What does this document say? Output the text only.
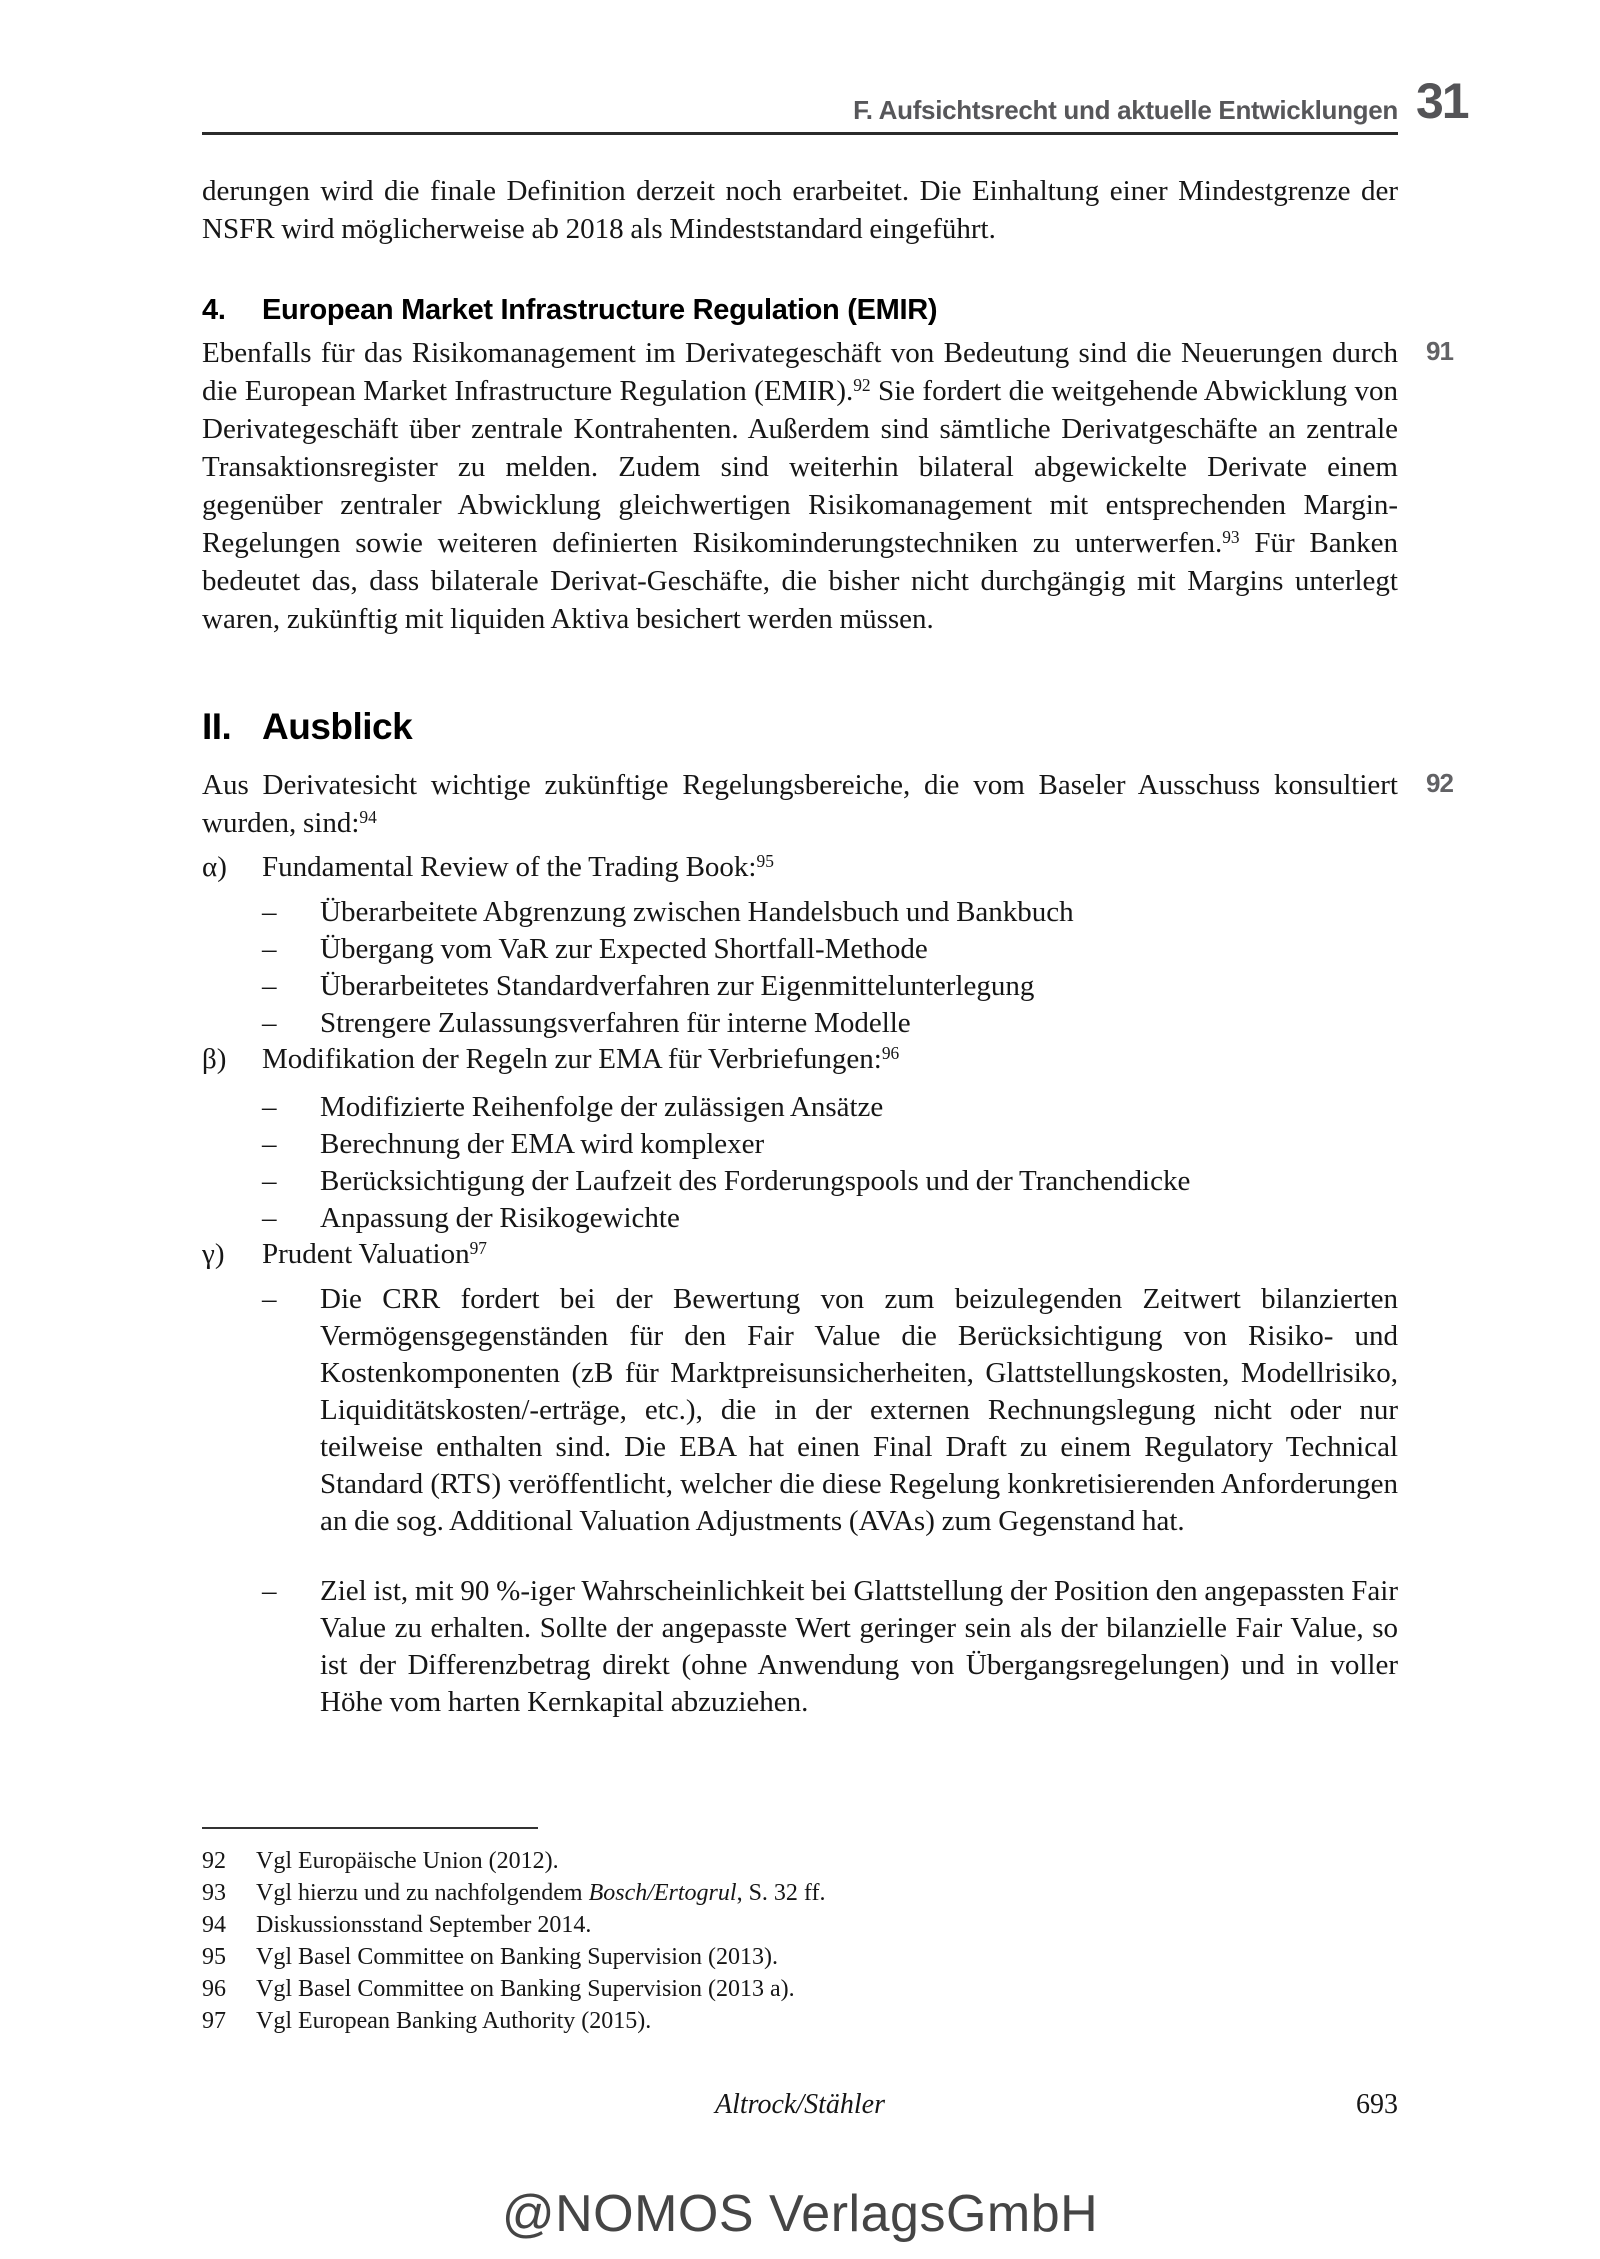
F. Aufsichtsrecht und aktuelle Entwicklungen 31
derungen wird die finale Definition derzeit noch erarbeitet. Die Einhaltung einer Mindestgrenze der NSFR wird möglicherweise ab 2018 als Mindeststandard eingeführt.
4. European Market Infrastructure Regulation (EMIR)
Ebenfalls für das Risikomanagement im Derivategeschäft von Bedeutung sind die Neuerungen durch die European Market Infrastructure Regulation (EMIR).$^{92}$ Sie fordert die weitgehende Abwicklung von Derivategeschäft über zentrale Kontrahenten. Außerdem sind sämtliche Derivatgeschäfte an zentrale Transaktionsregister zu melden. Zudem sind weiterhin bilateral abgewickelte Derivate einem gegenüber zentraler Abwicklung gleichwertigen Risikomanagement mit entsprechenden Margin-Regelungen sowie weiteren definierten Risikominderungstechniken zu unterwerfen.$^{93}$ Für Banken bedeutet das, dass bilaterale Derivat-Geschäfte, die bisher nicht durchgängig mit Margins unterlegt waren, zukünftig mit liquiden Aktiva besichert werden müssen.
91
II. Ausblick
Aus Derivatesicht wichtige zukünftige Regelungsbereiche, die vom Baseler Ausschuss konsultiert wurden, sind:$^{94}$
92
α) Fundamental Review of the Trading Book:$^{95}$
– Überarbeitete Abgrenzung zwischen Handelsbuch und Bankbuch
– Übergang vom VaR zur Expected Shortfall-Methode
– Überarbeitetes Standardverfahren zur Eigenmittelunterlegung
– Strengere Zulassungsverfahren für interne Modelle
β) Modifikation der Regeln zur EMA für Verbriefungen:$^{96}$
– Modifizierte Reihenfolge der zulässigen Ansätze
– Berechnung der EMA wird komplexer
– Berücksichtigung der Laufzeit des Forderungspools und der Tranchendicke
– Anpassung der Risikogewichte
γ) Prudent Valuation$^{97}$
– Die CRR fordert bei der Bewertung von zum beizulegenden Zeitwert bilanzierten Vermögensgegenständen für den Fair Value die Berücksichtigung von Risiko- und Kostenkomponenten (zB für Marktpreisunsicherheiten, Glattstellungskosten, Modellrisiko, Liquiditätskosten/-erträge, etc.), die in der externen Rechnungslegung nicht oder nur teilweise enthalten sind. Die EBA hat einen Final Draft zu einem Regulatory Technical Standard (RTS) veröffentlicht, welcher die diese Regelung konkretisierenden Anforderungen an die sog. Additional Valuation Adjustments (AVAs) zum Gegenstand hat.
– Ziel ist, mit 90 %-iger Wahrscheinlichkeit bei Glattstellung der Position den angepassten Fair Value zu erhalten. Sollte der angepasste Wert geringer sein als der bilanzielle Fair Value, so ist der Differenzbetrag direkt (ohne Anwendung von Übergangsregelungen) und in voller Höhe vom harten Kernkapital abzuziehen.
92 Vgl Europäische Union (2012).
93 Vgl hierzu und zu nachfolgendem Bosch/Ertogrul, S. 32 ff.
94 Diskussionsstand September 2014.
95 Vgl Basel Committee on Banking Supervision (2013).
96 Vgl Basel Committee on Banking Supervision (2013 a).
97 Vgl European Banking Authority (2015).
Altrock/Stähler	693
@NOMOS VerlagsGmbH
